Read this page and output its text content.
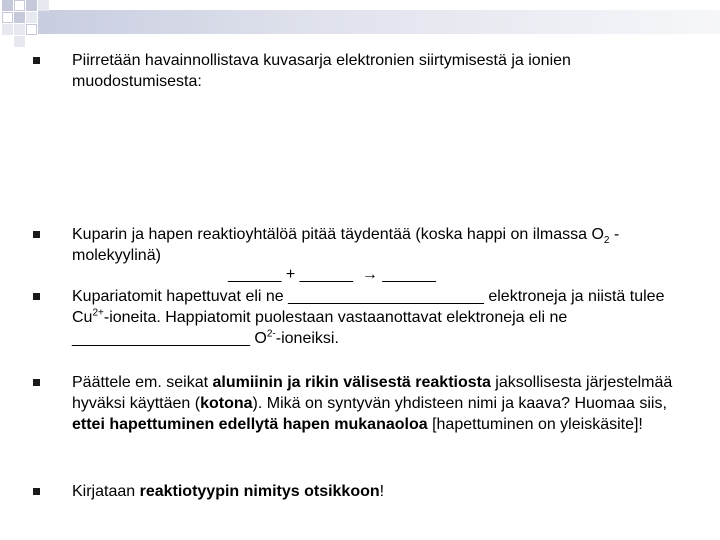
Piirretään havainnollistava kuvasarja elektronien siirtymisestä ja ionien muodostumisesta:
Kuparin ja hapen reaktioyhtälöä pitää täydentää (koska happi on ilmassa $O_2$ -molekyylinä)
______ + ______ → ______
Kupariatomit hapettuvat eli ne ______________________ elektroneja ja niistä tulee $Cu^{2+}$-ioneita. Happiatomit puolestaan vastaanottavat elektroneja eli ne ____________________ $O^{2-}$-ioneiksi.
Päättele em. seikat alumiinin ja rikin välisestä reaktiosta jaksollisesta järjestelmää hyväksi käyttäen (kotona). Mikä on syntyvän yhdisteen nimi ja kaava? Huomaa siis, ettei hapettuminen edellytä hapen mukanaoloa [hapettuminen on yleiskäsite]!
Kirjataan reaktiotyypin nimitys otsikkoon!
